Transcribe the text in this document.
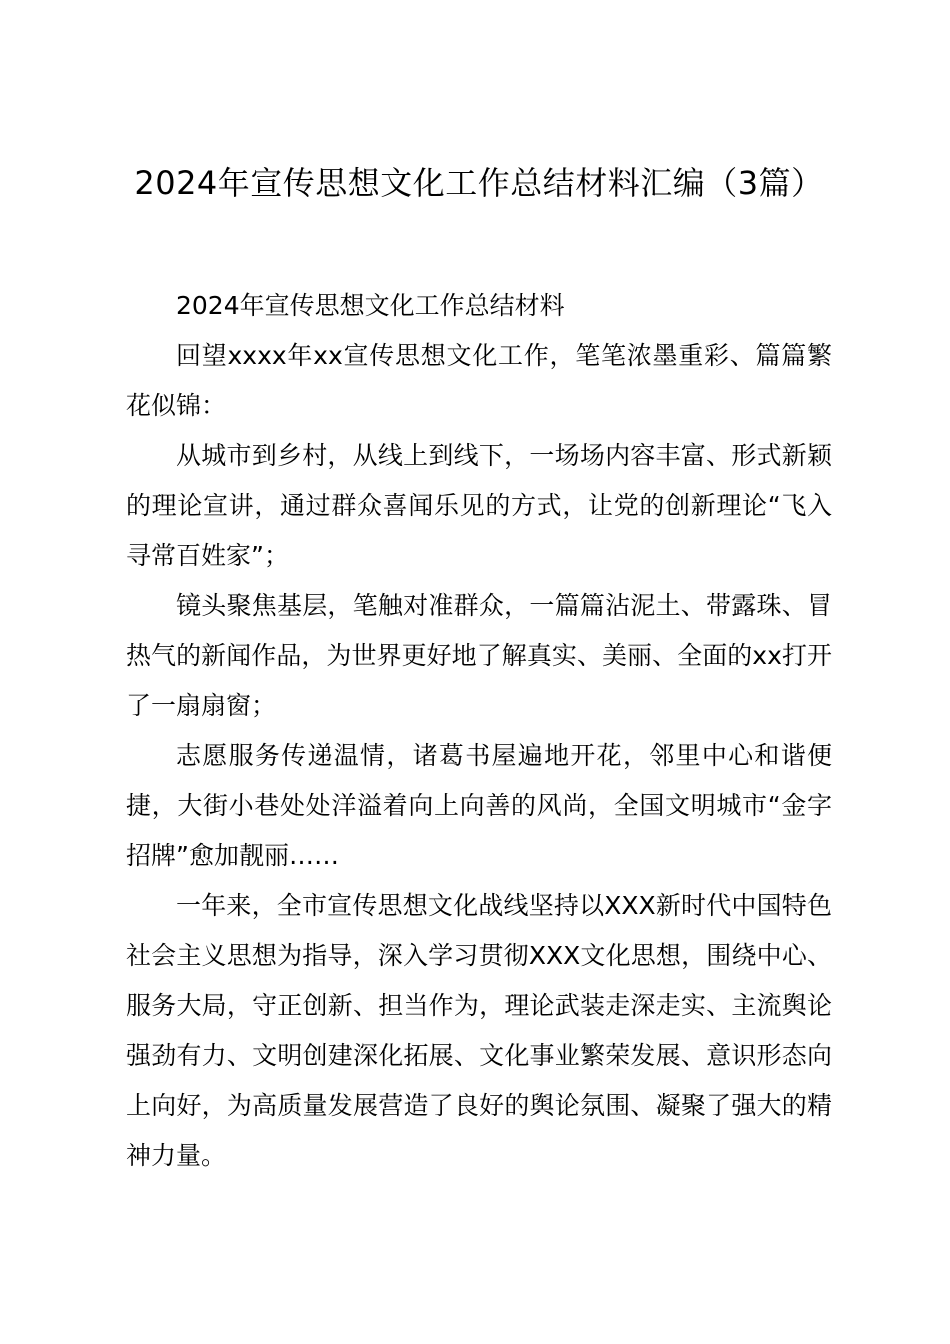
2024年宣传思想文化工作总结材料汇编（3篇）

2024年宣传思想文化工作总结材料

回望xxxx年xx宣传思想文化工作，笔笔浓墨重彩、篇篇繁花似锦：

从城市到乡村，从线上到线下，一场场内容丰富、形式新颖的理论宣讲，通过群众喜闻乐见的方式，让党的创新理论“飞入寻常百姓家”；

镜头聚焦基层，笔触对准群众，一篇篇沾泥土、带露珠、冒热气的新闻作品，为世界更好地了解真实、美丽、全面的xx打开了一扇扇窗；

志愿服务传递温情，诸葛书屋遍地开花，邻里中心和谐便捷，大街小巷处处洋溢着向上向善的风尚，全国文明城市“金字招牌”愈加靓丽……

一年来，全市宣传思想文化战线坚持以XXX新时代中国特色社会主义思想为指导，深入学习贯彻XXX文化思想，围绕中心、服务大局，守正创新、担当作为，理论武装走深走实、主流舆论强劲有力、文明创建深化拓展、文化事业繁荣发展、意识形态向上向好，为高质量发展营造了良好的舆论氛围、凝聚了强大的精神力量。
